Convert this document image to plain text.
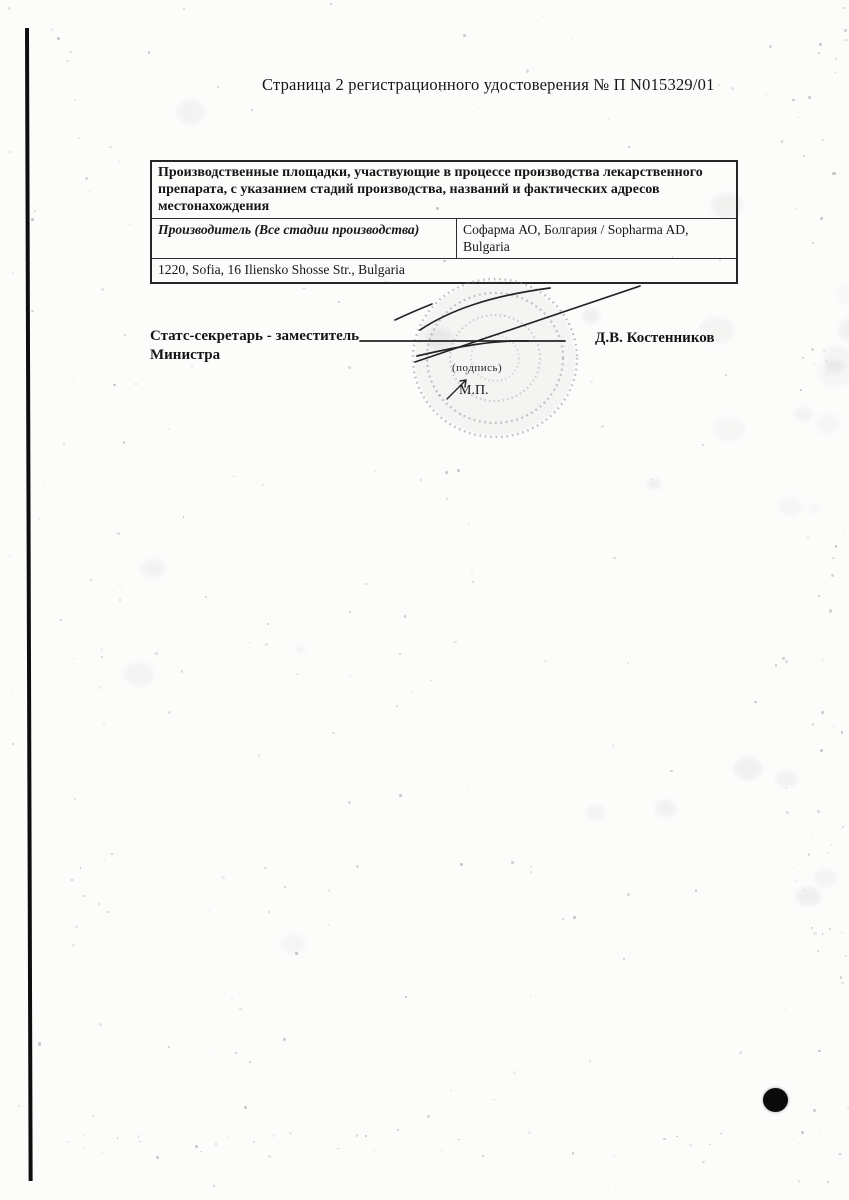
Страница 2 регистрационного удостоверения № П N015329/01
Производственные площадки, участвующие в процессе производства лекарственного препарата, с указанием стадий производства, названий и фактических адресов местонахождения
Производитель (Все стадии производства)	Софарма АО, Болгария / Sopharma AD, Bulgaria
1220, Sofia, 16 Iliensko Shosse Str., Bulgaria
Статс-секретарь - заместитель
Министра
Д.В. Костенников
(подпись)
М.П.
